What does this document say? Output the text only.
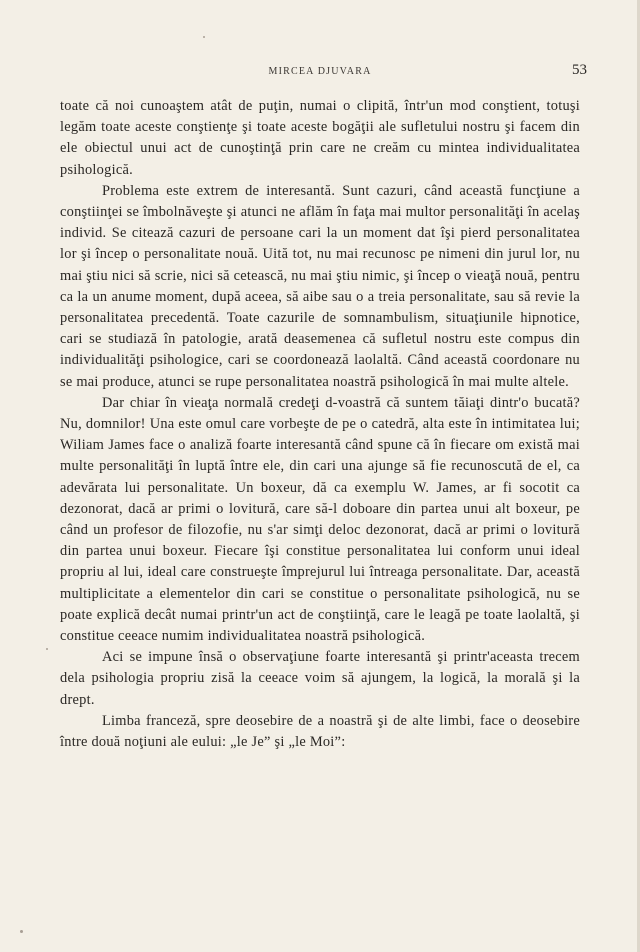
MIRCEA DJUVARA	53

toate că noi cunoaştem atât de puţin, numai o clipită, într'un mod conştient, totuşi legăm toate aceste conştienţe şi toate aceste bogăţii ale sufletului nostru şi facem din ele obiectul unui act de cunoştinţă prin care ne creăm cu mintea individualitatea psihologică.

Problema este extrem de interesantă. Sunt cazuri, când această funcţiune a conştiinţei se îmbolnăveşte şi atunci ne aflăm în faţa mai multor personalităţi în acelaş individ. Se citează cazuri de persoane cari la un moment dat îşi pierd personalitatea lor şi încep o personalitate nouă. Uită tot, nu mai recunosc pe nimeni din jurul lor, nu mai ştiu nici să scrie, nici să cetească, nu mai ştiu nimic, şi încep o vieaţă nouă, pentru ca la un anume moment, după aceea, să aibe sau o a treia personalitate, sau să revie la personalitatea precedentă. Toate cazurile de somnambulism, situaţiunile hipnotice, cari se studiază în patologie, arată deasemenea că sufletul nostru este compus din individualităţi psihologice, cari se coordonează laolaltă. Când această coordonare nu se mai produce, atunci se rupe personalitatea noastră psihologică în mai multe altele.

Dar chiar în vieaţa normală credeţi d-voastră că suntem tăiaţi dintr'o bucată? Nu, domnilor! Una este omul care vorbeşte de pe o catedră, alta este în intimitatea lui; Wiliam James face o analiză foarte interesantă când spune că în fiecare om există mai multe personalităţi în luptă între ele, din cari una ajunge să fie recunoscută de el, ca adevărata lui personalitate. Un boxeur, dă ca exemplu W. James, ar fi socotit ca dezonorat, dacă ar primi o lovitură, care să-l doboare din partea unui alt boxeur, pe când un profesor de filozofie, nu s'ar simţi deloc dezonorat, dacă ar primi o lovitură din partea unui boxeur. Fiecare îşi constitue personalitatea lui conform unui ideal propriu al lui, ideal care construeşte împrejurul lui întreaga personalitate. Dar, această multiplicitate a elementelor din cari se constitue o personalitate psihologică, nu se poate explică decât numai printr'un act de conştiinţă, care le leagă pe toate laolaltă, şi constitue ceeace numim individualitatea noastră psihologică.

Aci se impune însă o observaţiune foarte interesantă şi printr'aceasta trecem dela psihologia propriu zisă la ceeace voim să ajungem, la logică, la morală şi la drept.

Limba franceză, spre deosebire de a noastră şi de alte limbi, face o deosebire între două noţiuni ale eului: „le Je” şi „le Moi”:
